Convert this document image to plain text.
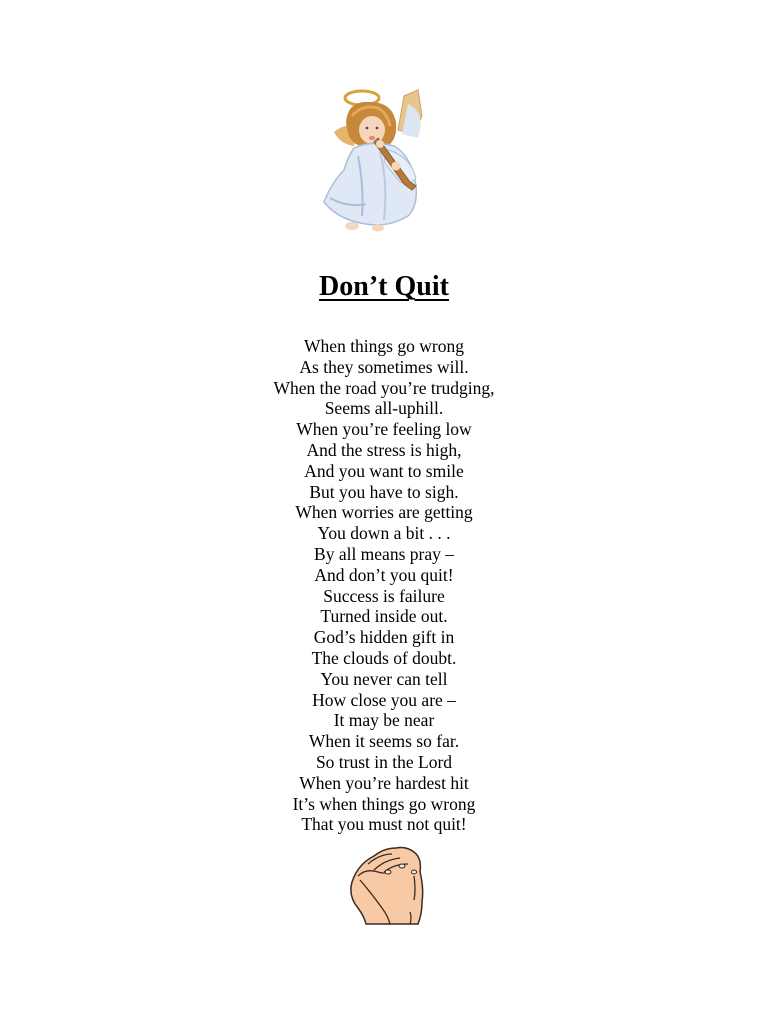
Don’t Quit
When things go wrong
As they sometimes will.
When the road you’re trudging,
Seems all-uphill.
When you’re feeling low
And the stress is high,
And you want to smile
But you have to sigh.
When worries are getting
You down a bit . . .
By all means pray –
And don’t you quit!
Success is failure
Turned inside out.
God’s hidden gift in
The clouds of doubt.
You never can tell
How close you are –
It may be near
When it seems so far.
So trust in the Lord
When you’re hardest hit
It’s when things go wrong
That you must not quit!
